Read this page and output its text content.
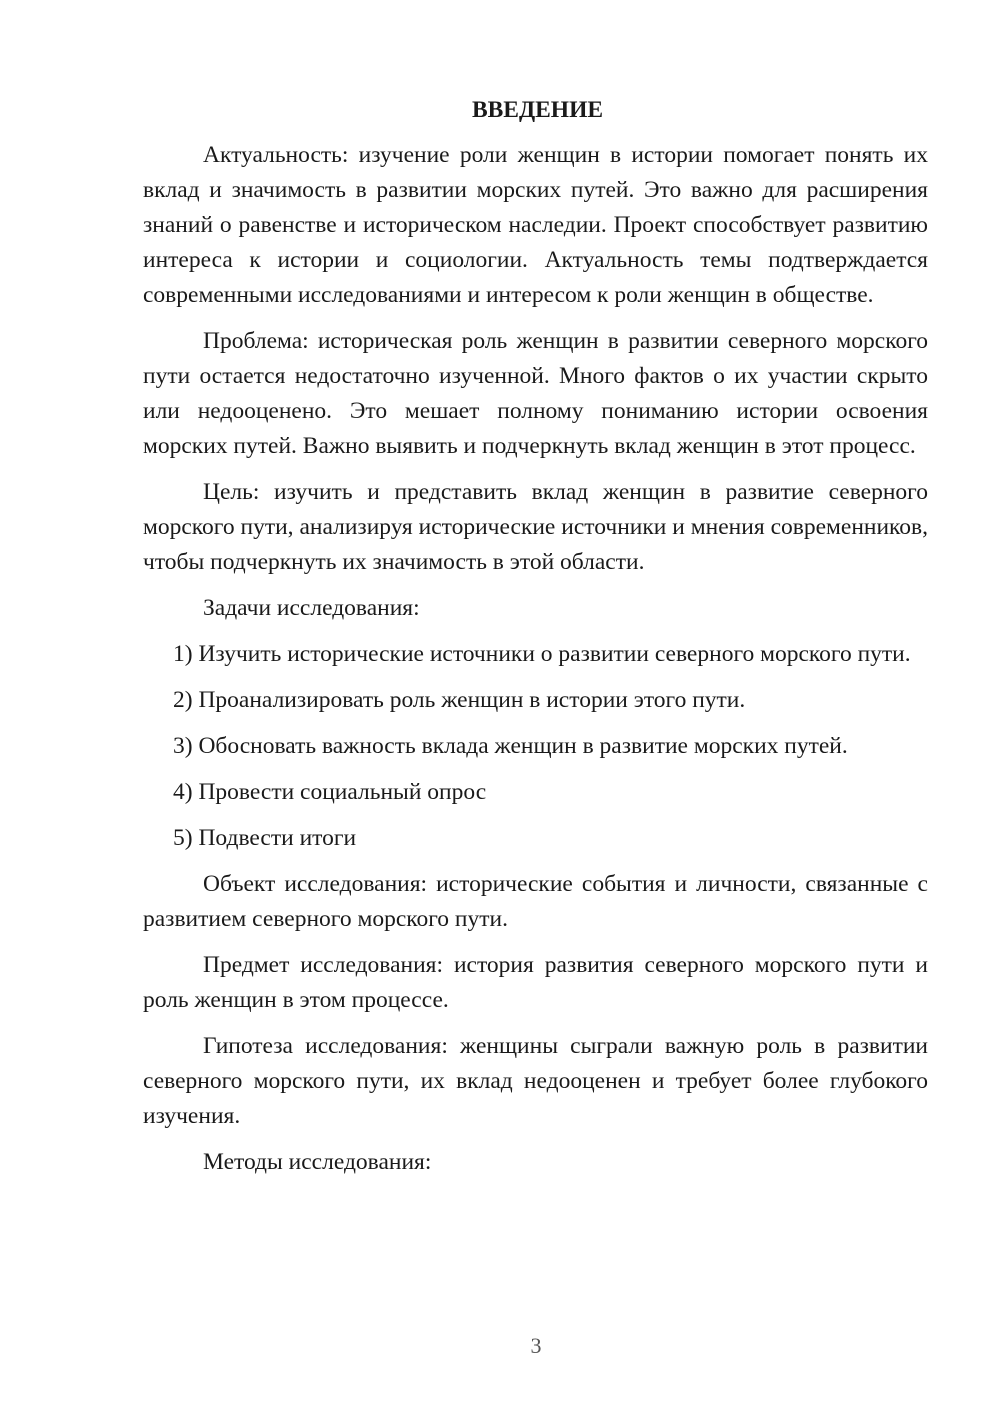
ВВЕДЕНИЕ

Актуальность: изучение роли женщин в истории помогает понять их вклад и значимость в развитии морских путей. Это важно для расширения знаний о равенстве и историческом наследии. Проект способствует развитию интереса к истории и социологии. Актуальность темы подтверждается современными исследованиями и интересом к роли женщин в обществе.

Проблема: историческая роль женщин в развитии северного морского пути остается недостаточно изученной. Много фактов о их участии скрыто или недооценено. Это мешает полному пониманию истории освоения морских путей. Важно выявить и подчеркнуть вклад женщин в этот процесс.

Цель: изучить и представить вклад женщин в развитие северного морского пути, анализируя исторические источники и мнения современников, чтобы подчеркнуть их значимость в этой области.

Задачи исследования:

1) Изучить исторические источники о развитии северного морского пути.

2) Проанализировать роль женщин в истории этого пути.

3) Обосновать важность вклада женщин в развитие морских путей.

4) Провести социальный опрос

5) Подвести итоги

Объект исследования: исторические события и личности, связанные с развитием северного морского пути.

Предмет исследования: история развития северного морского пути и роль женщин в этом процессе.

Гипотеза исследования: женщины сыграли важную роль в развитии северного морского пути, их вклад недооценен и требует более глубокого изучения.

Методы исследования:

3
